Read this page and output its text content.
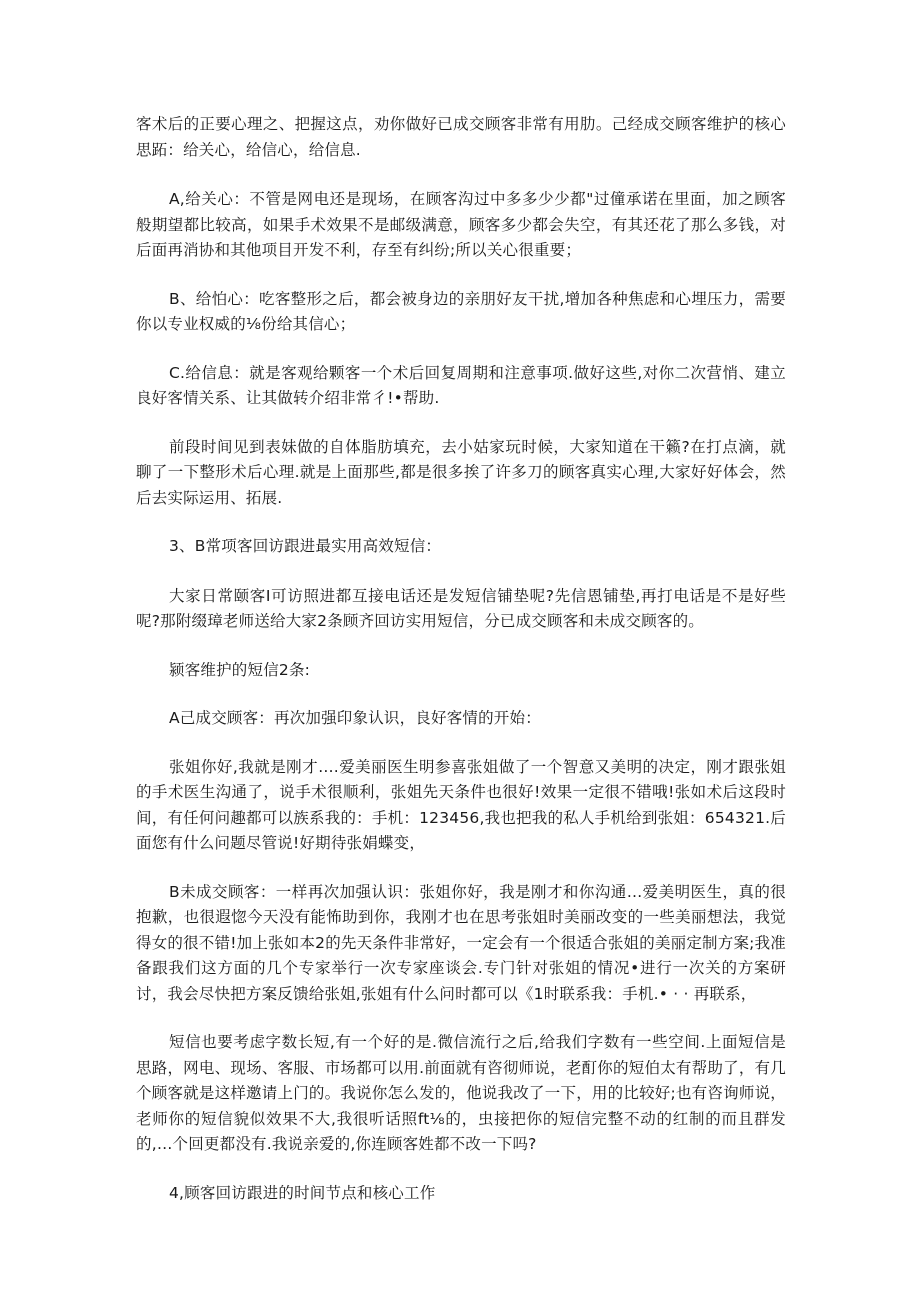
客术后的正要心理之、把握这点，劝你做好已成交顾客非常有用肋。己经成交顾客维护的核心思跖：给关心，给信心，给信息.

A,给关心：不管是网电还是现场，在顾客沟过中多多少少都"过僮承诺在里面，加之顾客般期望都比较高，如果手术效果不是邮级满意，顾客多少都会失空，有其还花了那么多钱，对后面再消协和其他项目开发不利，存至有纠纷;所以关心很重要；

B、给怕心：吃客整形之后，都会被身边的亲朋好友干扰,增加各种焦虑和心埋压力，需要你以专业权威的⅛份给其信心；

C.给信息：就是客观给颗客一个术后回复周期和注意事项.做好这些,对你二次营悄、建立良好客情关系、让其做转介绍非常彳!•帮助.

前段时间见到表妹做的自体脂肪填充，去小姑家玩时候，大家知道在干籁?在打点滴，就聊了一下整形术后心理.就是上面那些,都是很多挨了许多刀的顾客真实心理,大家好好体会，然后去实际运用、拓展.

3、B常项客回访跟进最实用高效短信：

大家日常颐客I可访照进都互接电话还是发短信铺垫呢?先信恩铺垫,再打电话是不是好些呢?那附缀璋老师送给大家2条顾齐回访实用短信，分已成交顾客和未成交顾客的。

颍客维护的短信2条:

A己成交顾客：再次加强印象认识，良好客情的开始：

张姐你好,我就是刚才….爱美丽医生明参喜张姐做了一个智意又美明的决定，刚才跟张姐的手术医生沟通了，说手术很顺利，张姐先天条件也很好!效果一定很不错哦!张如术后这段时间，有任何问趣都可以族系我的：手机：123456,我也把我的私人手机给到张姐：654321.后面您有什么问题尽管说!好期待张娟蝶变，

B未成交顾客：一样再次加强认识：张姐你好，我是刚才和你沟通…爱美明医生，真的很抱歉，也很遐惚今天没有能怖助到你，我刚才也在思考张姐时美丽改变的一些美丽想法，我觉得女的很不错!加上张如本2的先天条件非常好，一定会有一个很适合张姐的美丽定制方案;我准备跟我们这方面的几个专家举行一次专家座谈会.专门针对张姐的情况•进行一次关的方案研讨，我会尽快把方案反馈给张姐,张姐有什么问时都可以《1时联系我：手机.• · · 再联系，

短信也要考虑字数长短,有一个好的是.微信流行之后,给我们字数有一些空间.上面短信是思路，网电、现场、客服、市场都可以用.前面就有咨彻师说，老酊你的短伯太有帮助了，有几个顾客就是这样邀请上门的。我说你怎么发的，他说我改了一下，用的比较好;也有咨询师说，老师你的短信貌似效果不大,我很听话照ft⅛的，虫接把你的短信完整不动的红制的而且群发的,…个回更都没有.我说亲爱的,你连顾客姓都不改一下吗?

4,顾客回访跟进的时间节点和核心工作
